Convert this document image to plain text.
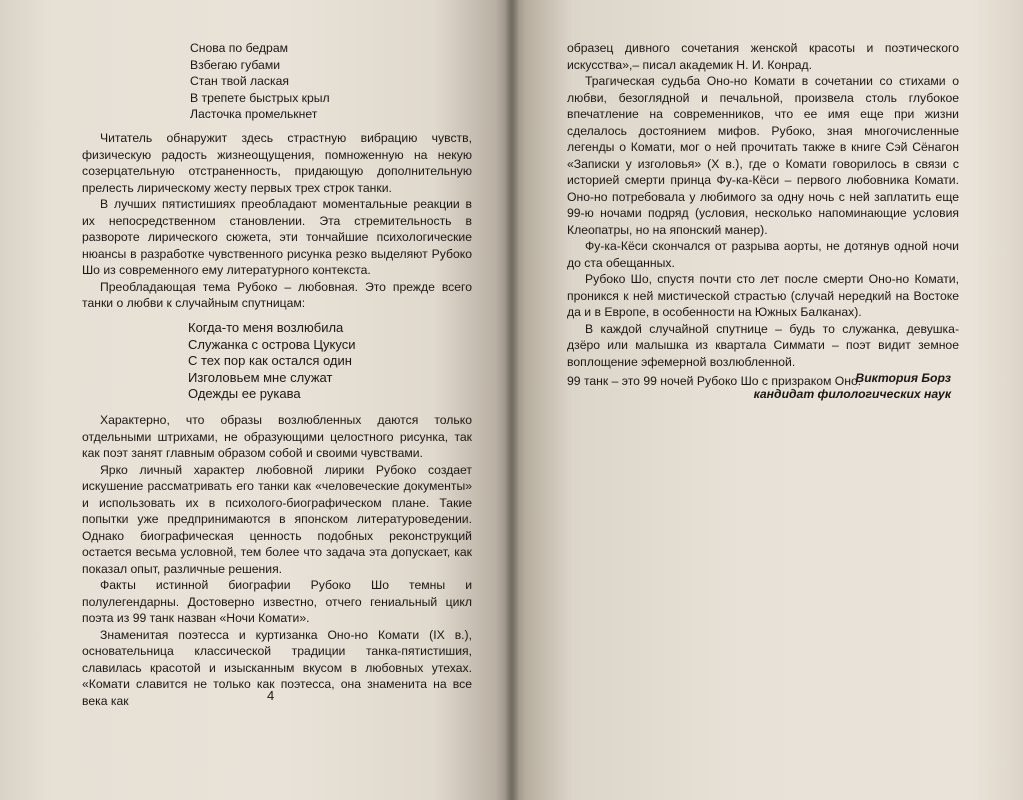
Снова по бедрам
Взбегаю губами
Стан твой лаская
В трепете быстрых крыл
Ласточка промелькнет

Читатель обнаружит здесь страстную вибрацию чувств, физическую радость жизнеощущения, помноженную на некую созерцательную отстраненность, придающую дополнительную прелесть лирическому жесту первых трех строк танки.

В лучших пятистишиях преобладают моментальные реакции в их непосредственном становлении. Эта стремительность в развороте лирического сюжета, эти тончайшие психологические нюансы в разработке чувственного рисунка резко выделяют Рубоко Шо из современного ему литературного контекста.

Преобладающая тема Рубоко – любовная. Это прежде всего танки о любви к случайным спутницам:

Когда-то меня возлюбила
Служанка с острова Цукуси
С тех пор как остался один
Изголовьем мне служат
Одежды ее рукава

Характерно, что образы возлюбленных даются только отдельными штрихами, не образующими целостного рисунка, так как поэт занят главным образом собой и своими чувствами.

Ярко личный характер любовной лирики Рубоко создает искушение рассматривать его танки как «человеческие документы» и использовать их в психолого-биографическом плане. Такие попытки уже предпринимаются в японском литературоведении. Однако биографическая ценность подобных реконструкций остается весьма условной, тем более что задача эта допускает, как показал опыт, различные решения.

Факты истинной биографии Рубоко Шо темны и полулегендарны. Достоверно известно, отчего гениальный цикл поэта из 99 танк назван «Ночи Комати».

Знаменитая поэтесса и куртизанка Оно-но Комати (IX в.), основательница классической традиции танка-пятистишия, славилась красотой и изысканным вкусом в любовных утехах. «Комати славится не только как поэтесса, она знаменита на все века как	4

образец дивного сочетания женской красоты и поэтического искусства»,– писал академик Н. И. Конрад.

Трагическая судьба Оно-но Комати в сочетании со стихами о любви, безоглядной и печальной, произвела столь глубокое впечатление на современников, что ее имя еще при жизни сделалось достоянием мифов. Рубоко, зная многочисленные легенды о Комати, мог о ней прочитать также в книге Сэй Сёнагон «Записки у изголовья» (X в.), где о Комати говорилось в связи с историей смерти принца Фу-ка-Кёси – первого любовника Комати. Оно-но потребовала у любимого за одну ночь с ней заплатить еще 99-ю ночами подряд (условия, несколько напоминающие условия Клеопатры, но на японский манер).

Фу-ка-Кёси скончался от разрыва аорты, не дотянув одной ночи до ста обещанных.

Рубоко Шо, спустя почти сто лет после смерти Оно-но Комати, проникся к ней мистической страстью (случай нередкий на Востоке да и в Европе, в особенности на Южных Балканах).

В каждой случайной спутнице – будь то служанка, девушка-дзёро или малышка из квартала Симмати – поэт видит земное воплощение эфемерной возлюбленной.

99 танк – это 99 ночей Рубоко Шо с призраком Оно.

Виктория Борз
кандидат филологических наук
